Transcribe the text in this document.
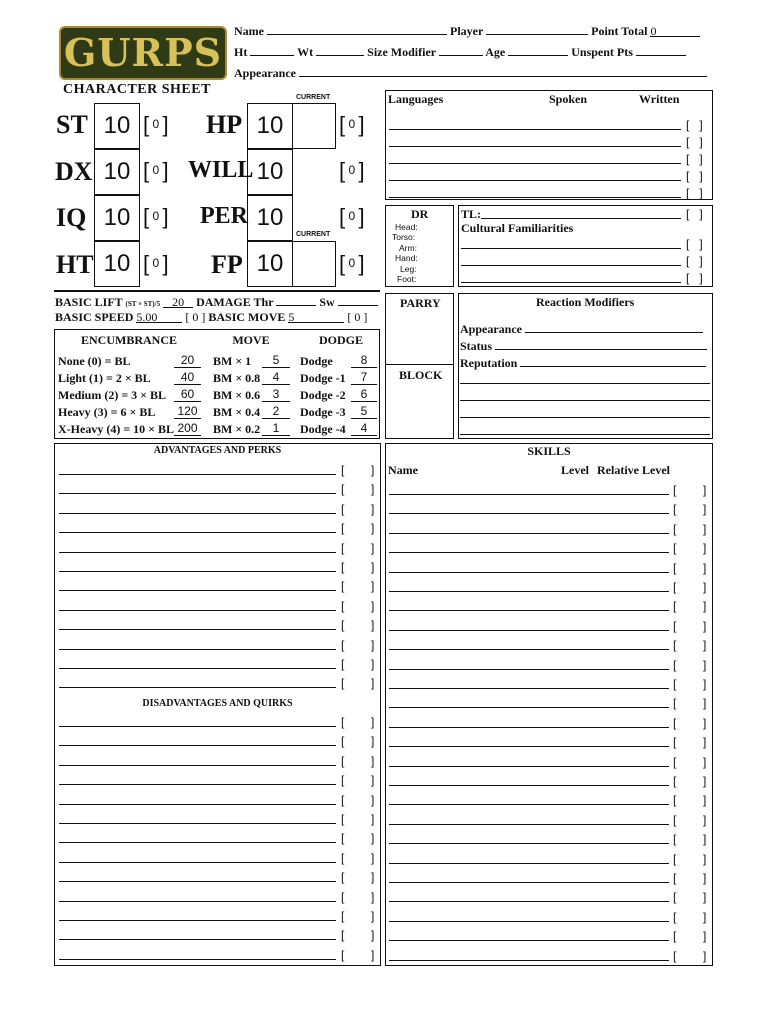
GURPS
CHARACTER SHEET
Name	Player	Point Total 0
Ht	Wt	Size Modifier	Age	Unspent Pts
Appearance
CURRENT
CURRENT
ST 10 [ 0 ]
DX 10 [ 0 ]
IQ 10 [ 0 ]
HT 10 [ 0 ]
HP 10	[ 0 ]
WILL 10	[ 0 ]
PER 10	[ 0 ]
FP 10	[ 0 ]
Languages	Spoken	Written
[   ]
[   ]
[   ]
[   ]
[   ]
DR
Head:
Torso:
Arm:
Hand:
Leg:
Foot:
TL:	[   ]
Cultural Familiarities
[   ]
[   ]
[   ]
BASIC LIFT (ST × ST)/5 20 DAMAGE Thr	Sw
BASIC SPEED 5.00 [ 0 ] BASIC MOVE 5	[ 0 ]
ENCUMBRANCE	MOVE	DODGE
None (0) = BL	20	BM × 1	5	Dodge	8
Light (1) = 2 × BL	40	BM × 0.8	4	Dodge -1	7
Medium (2) = 3 × BL	60	BM × 0.6	3	Dodge -2	6
Heavy (3) = 6 × BL 120 BM × 0.4	2	Dodge -3	5
X-Heavy (4) = 10 × BL 200 BM × 0.2	1	Dodge -4	4
PARRY
BLOCK
Reaction Modifiers
Appearance
Status
Reputation
ADVANTAGES AND PERKS
DISADVANTAGES AND QUIRKS
[        ]
[        ]
[        ]
[        ]
[        ]
[        ]
[        ]
[        ]
[        ]
[        ]
[        ]
[        ]
[        ]
[        ]
[        ]
[        ]
[        ]
[        ]
[        ]
[        ]
[        ]
[        ]
[        ]
[        ]
[        ]
SKILLS
Name	Level Relative Level
[        ]
[        ]
[        ]
[        ]
[        ]
[        ]
[        ]
[        ]
[        ]
[        ]
[        ]
[        ]
[        ]
[        ]
[        ]
[        ]
[        ]
[        ]
[        ]
[        ]
[        ]
[        ]
[        ]
[        ]
[        ]
